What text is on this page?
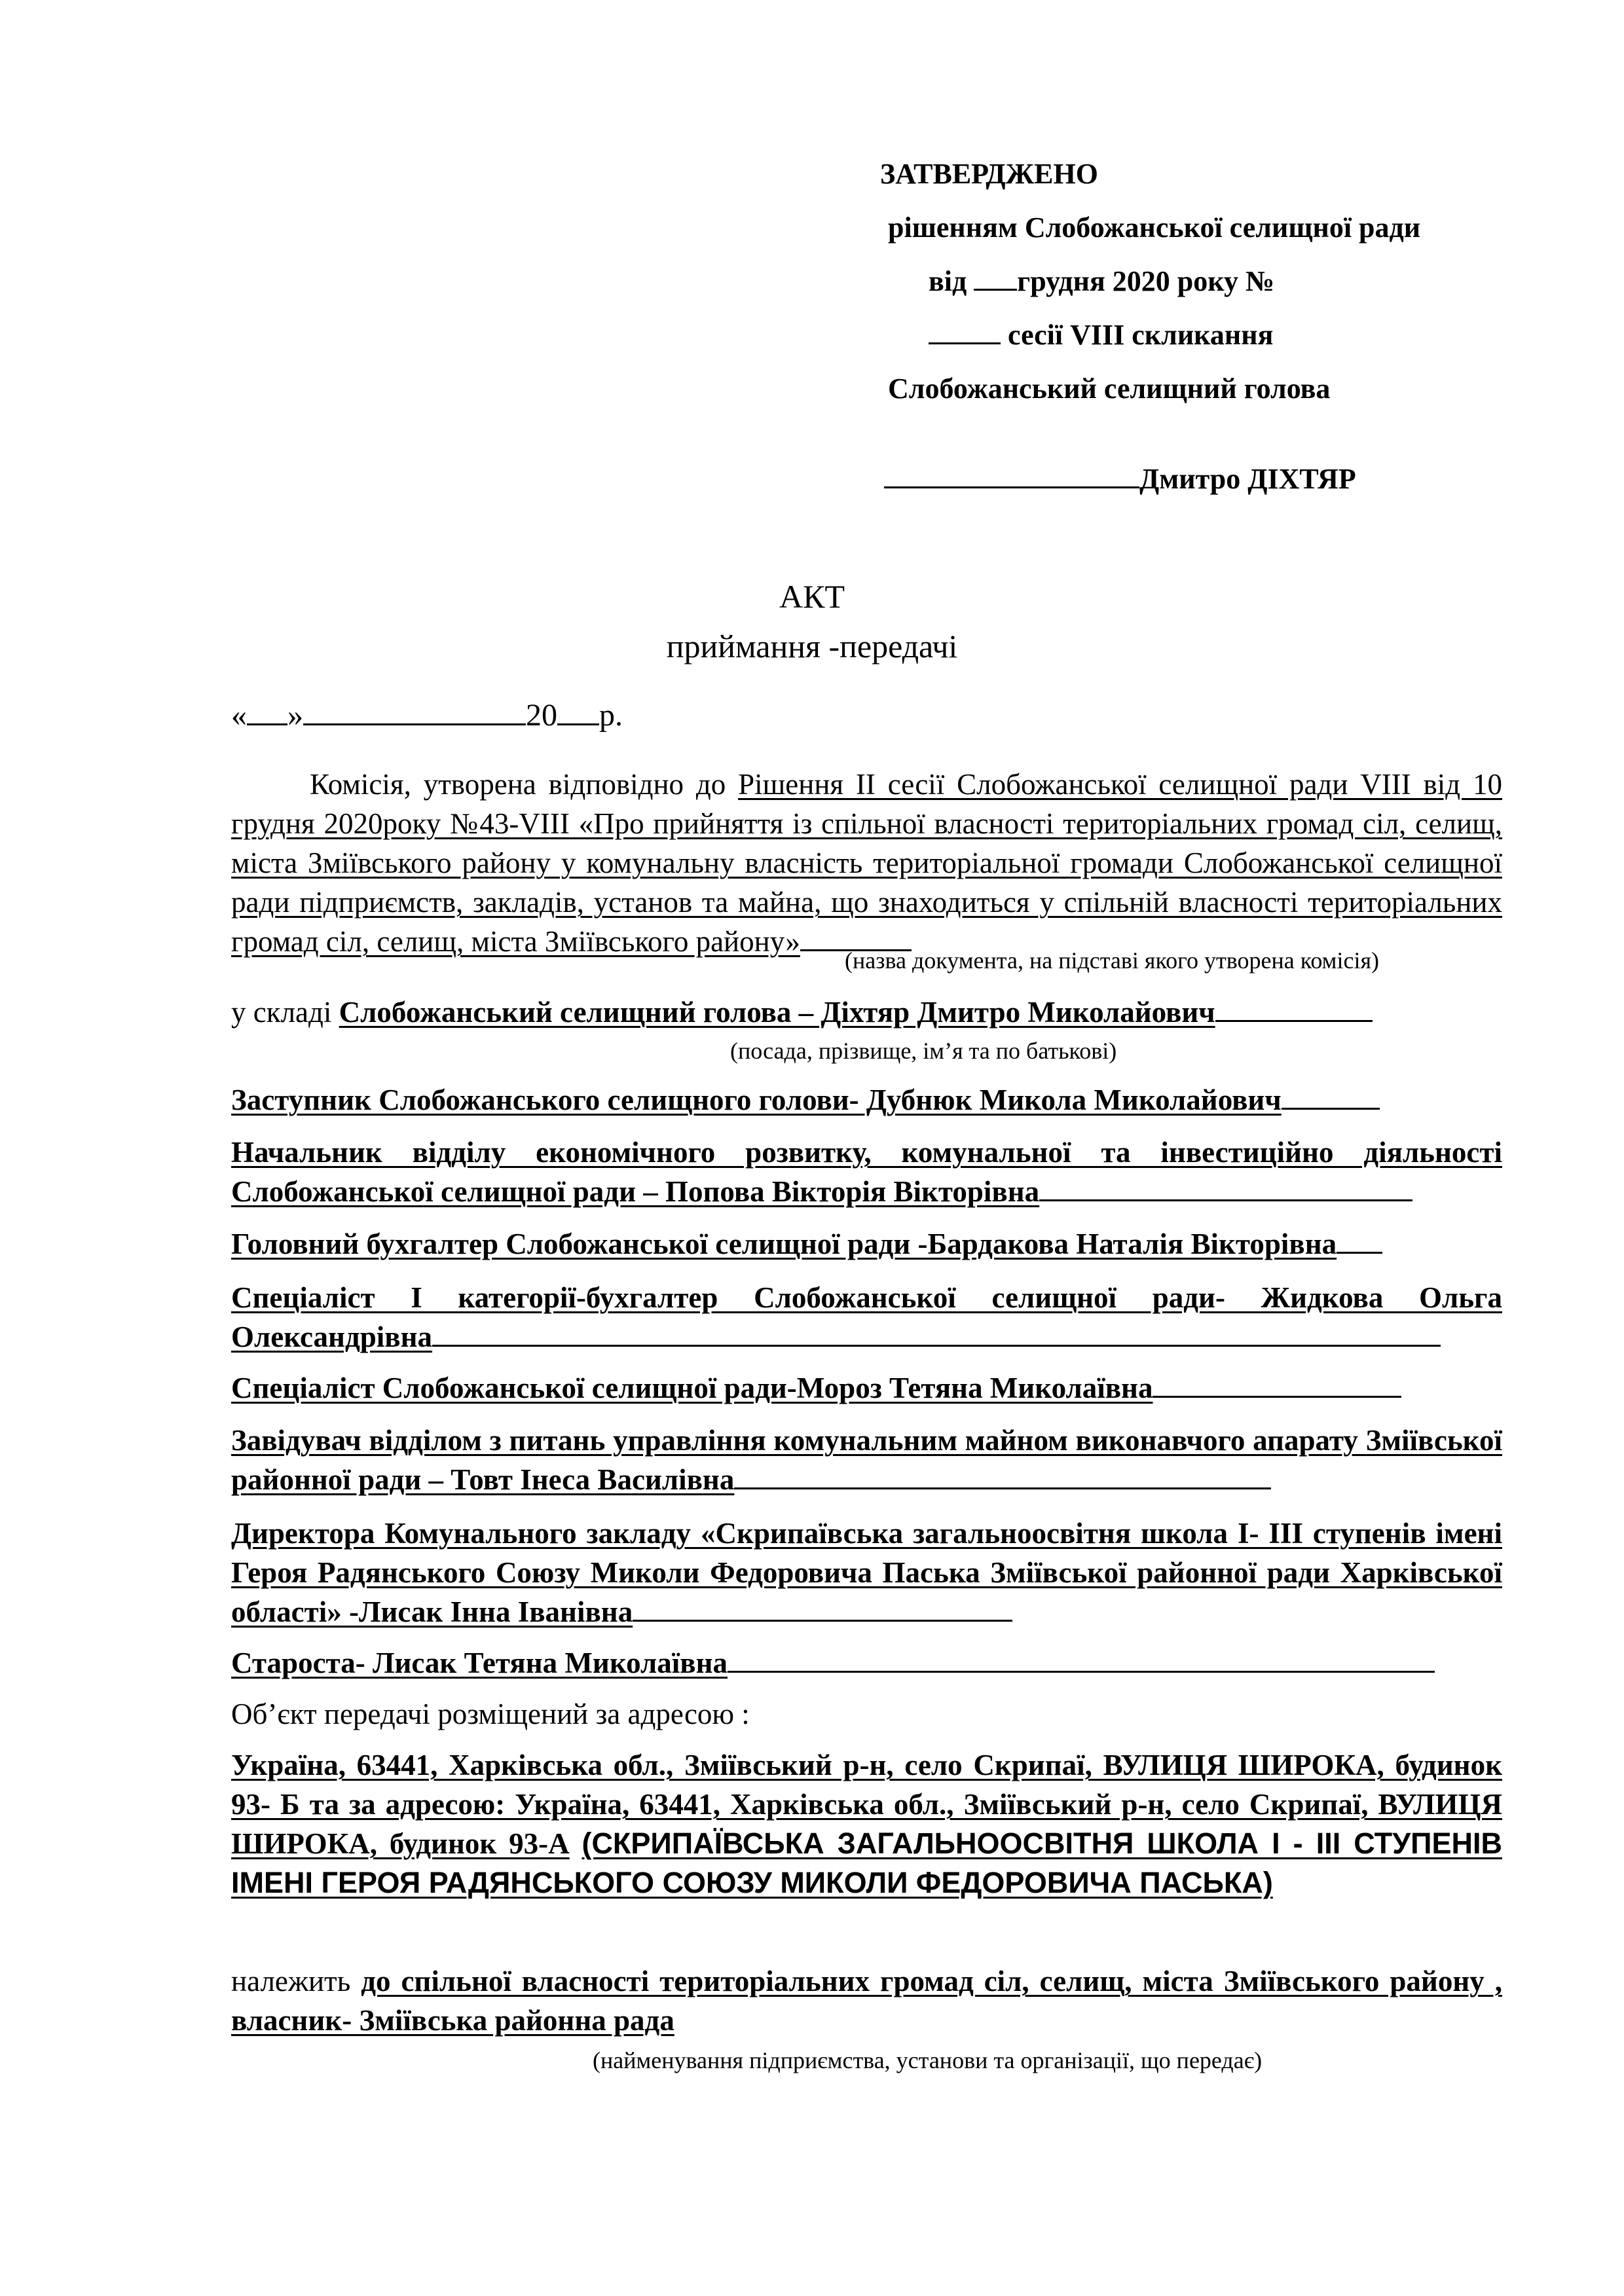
ЗАТВЕРДЖЕНО
рішенням Слобожанської селищної ради
від грудня 2020 року №
сесії VIII скликання
Слобожанський селищний голова
Дмитро ДІХТЯР
АКТ
приймання -передачі
« »	20 р.
Комісія, утворена відповідно до Рішення ІІ сесії Слобожанської селищної ради VIII від 10 грудня 2020року №43-VIII «Про прийняття із спільної власності територіальних громад сіл, селищ, міста Зміївського району у комунальну власність територіальної громади Слобожанської селищної ради підприємств, закладів, установ та майна, що знаходиться у спільній власності територіальних громад сіл, селищ, міста Зміївського району»
(назва документа, на підставі якого утворена комісія)
у складі Слобожанський селищний голова – Діхтяр Дмитро Миколайович
(посада, прізвище, ім’я та по батькові)
Заступник Слобожанського селищного голови- Дубнюк Микола Миколайович
Начальник відділу економічного розвитку, комунальної та інвестиційно діяльності Слобожанської селищної ради – Попова Вікторія Вікторівна
Головний бухгалтер Слобожанської селищної ради -Бардакова Наталія Вікторівна
Спеціаліст І категорії-бухгалтер Слобожанської селищної ради- Жидкова Ольга Олександрівна
Спеціаліст Слобожанської селищної ради-Мороз Тетяна Миколаївна
Завідувач відділом з питань управління комунальним майном виконавчого апарату Зміївської районної ради – Товт Інеса Василівна
Директора Комунального закладу «Скрипаївська загальноосвітня школа І- ІІІ ступенів імені Героя Радянського Союзу Миколи Федоровича Паська Зміївської районної ради Харківської області» -Лисак Інна Іванівна
Староста- Лисак Тетяна Миколаївна
Об’єкт передачі розміщений за адресою :
Україна, 63441, Харківська обл., Зміївський р-н, село Скрипаї, ВУЛИЦЯ ШИРОКА, будинок 93- Б та за адресою: Україна, 63441, Харківська обл., Зміївський р-н, село Скрипаї, ВУЛИЦЯ ШИРОКА, будинок 93-А (СКРИПАЇВСЬКА ЗАГАЛЬНООСВІТНЯ ШКОЛА І - ІІІ СТУПЕНІВ ІМЕНІ ГЕРОЯ РАДЯНСЬКОГО СОЮЗУ МИКОЛИ ФЕДОРОВИЧА ПАСЬКА)
належить до спільної власності територіальних громад сіл, селищ, міста Зміївського району , власник- Зміївська районна рада
(найменування підприємства, установи та організації, що передає)
